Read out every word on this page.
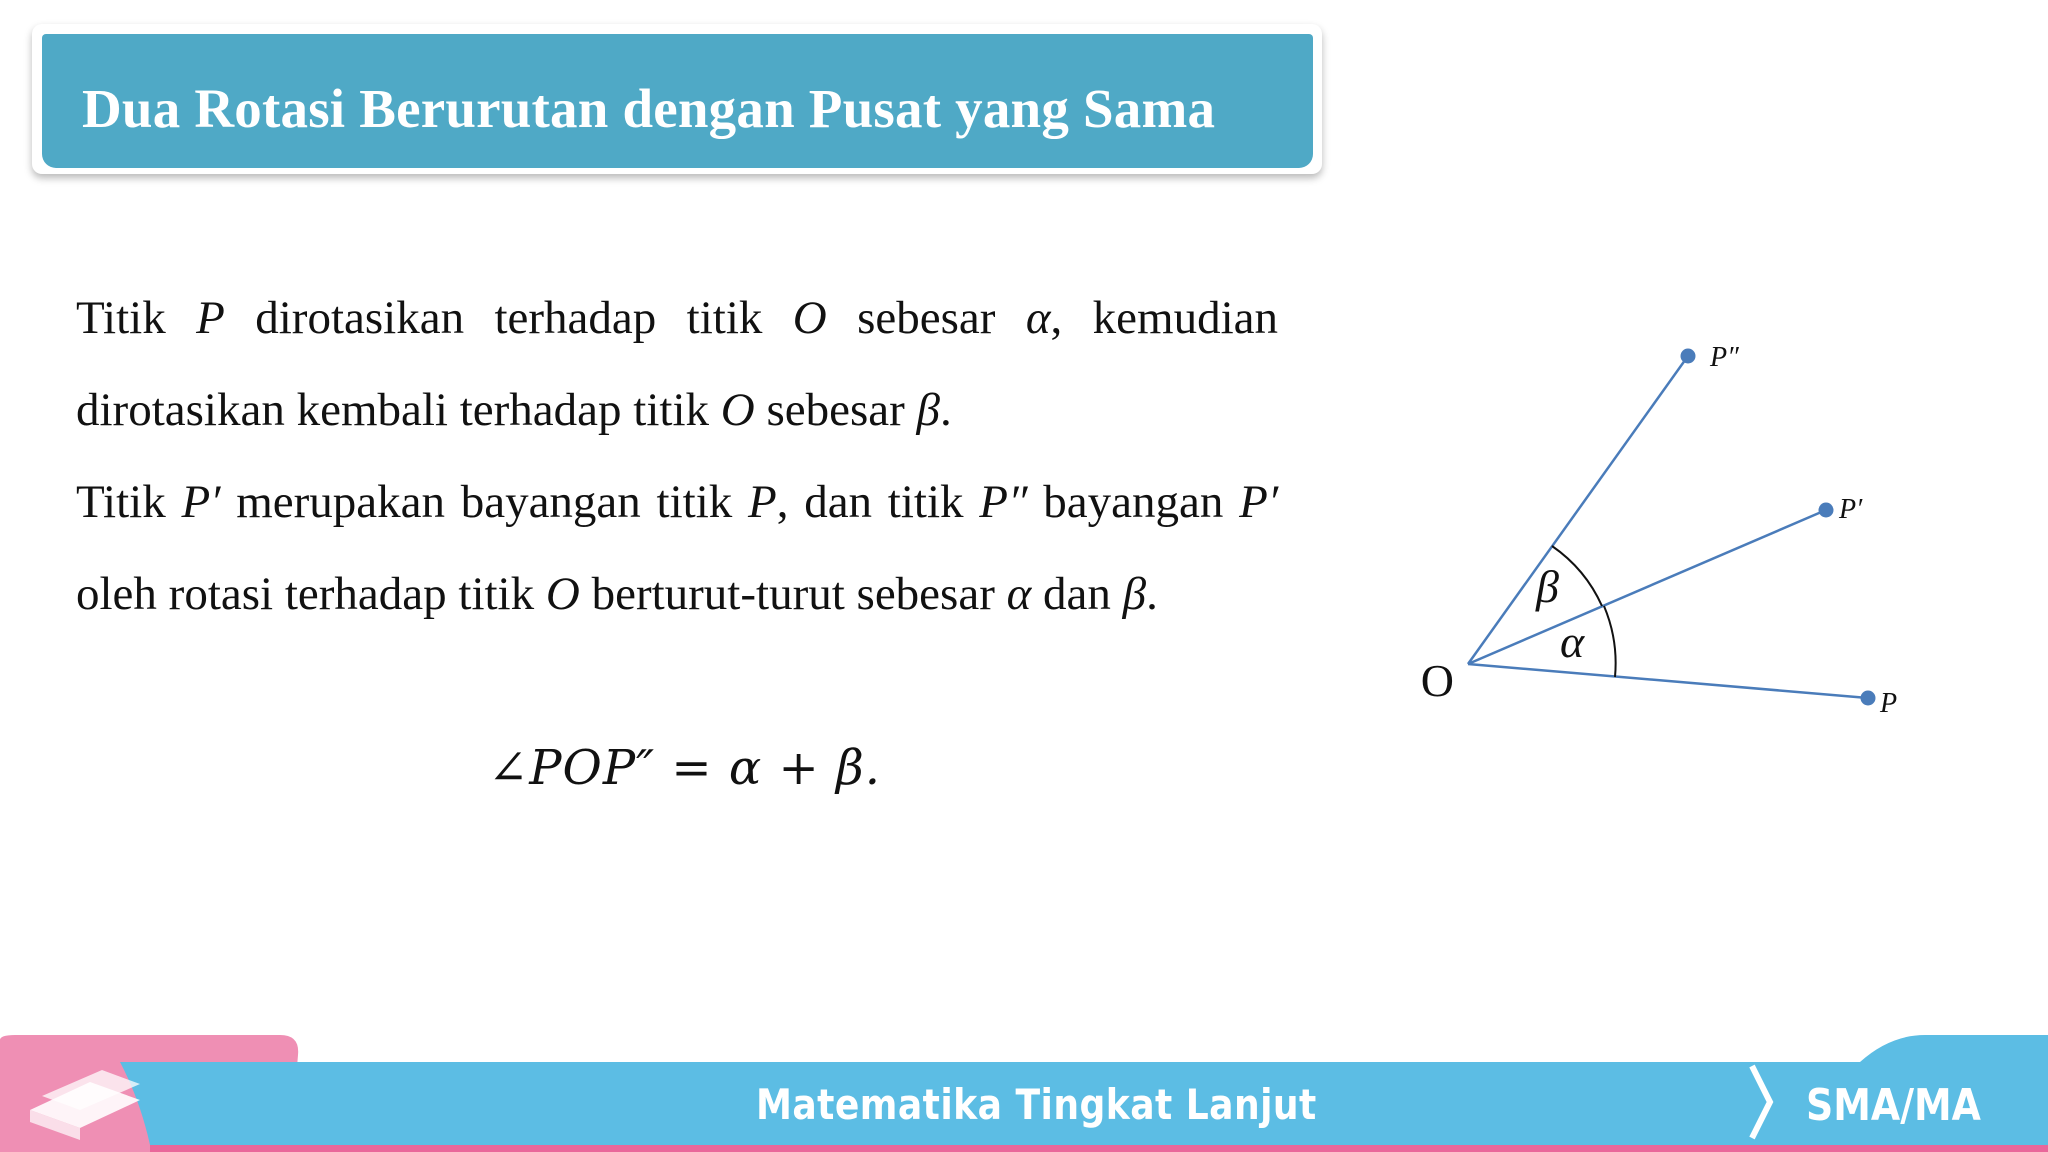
Dua Rotasi Berurutan dengan Pusat yang Sama
Titik P dirotasikan terhadap titik O sebesar α, kemudian dirotasikan kembali terhadap titik O sebesar β.
Titik P′ merupakan bayangan titik P, dan titik P″ bayangan P′ oleh rotasi terhadap titik O berturut-turut sebesar α dan β.
∠POP″ = α + β.
O
P″
P′
P
β
α
Matematika Tingkat Lanjut	SMA/MA
